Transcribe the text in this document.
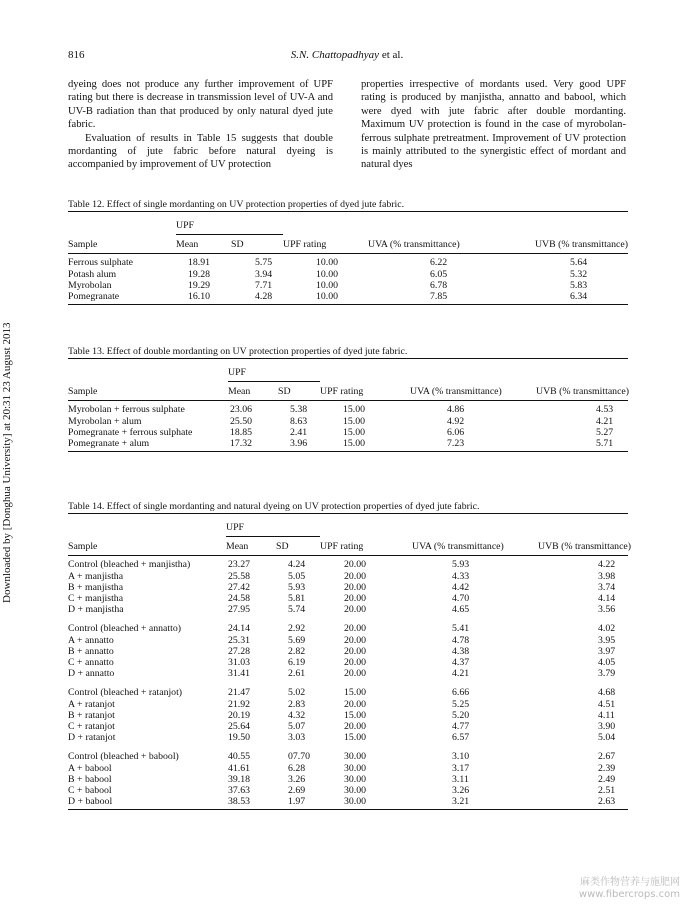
816	S.N. Chattopadhyay et al.
Downloaded by [Donghua University] at 20:31 23 August 2013

dyeing does not produce any further improvement of UPF rating but there is decrease in transmission level of UV-A and UV-B radiation than that produced by only natural dyed jute fabric.

Evaluation of results in Table 15 suggests that double mordanting of jute fabric before natural dyeing is accompanied by improvement of UV protection

properties irrespective of mordants used. Very good UPF rating is produced by manjistha, annatto and babool, which were dyed with jute fabric after double mordanting. Maximum UV protection is found in the case of myrobolan-ferrous sulphate pretreatment. Improvement of UV protection is mainly attributed to the synergistic effect of mordant and natural dyes

Table 12. Effect of single mordanting on UV protection properties of dyed jute fabric.

	UPF				

Sample	Mean	SD	UPF rating	UVA (% transmittance)	UVB (% transmittance)

Ferrous sulphate	18.91	5.75	10.00	6.22	5.64
Potash alum	19.28	3.94	10.00	6.05	5.32
Myrobolan	19.29	7.71	10.00	6.78	5.83
Pomegranate	16.10	4.28	10.00	7.85	6.34

Table 13. Effect of double mordanting on UV protection properties of dyed jute fabric.

	UPF				

Sample	Mean	SD	UPF rating	UVA (% transmittance)	UVB (% transmittance)

Myrobolan + ferrous sulphate	23.06	5.38	15.00	4.86	4.53
Myrobolan + alum	25.50	8.63	15.00	4.92	4.21
Pomegranate + ferrous sulphate	18.85	2.41	15.00	6.06	5.27
Pomegranate + alum	17.32	3.96	15.00	7.23	5.71

Table 14. Effect of single mordanting and natural dyeing on UV protection properties of dyed jute fabric.

	UPF				

Sample	Mean	SD	UPF rating	UVA (% transmittance)	UVB (% transmittance)

Control (bleached + manjistha)	23.27	4.24	20.00	5.93	4.22
A + manjistha	25.58	5.05	20.00	4.33	3.98
B + manjistha	27.42	5.93	20.00	4.42	3.74
C + manjistha	24.58	5.81	20.00	4.70	4.14
D + manjistha	27.95	5.74	20.00	4.65	3.56

Control (bleached + annatto)	24.14	2.92	20.00	5.41	4.02
A + annatto	25.31	5.69	20.00	4.78	3.95
B + annatto	27.28	2.82	20.00	4.38	3.97
C + annatto	31.03	6.19	20.00	4.37	4.05
D + annatto	31.41	2.61	20.00	4.21	3.79

Control (bleached + ratanjot)	21.47	5.02	15.00	6.66	4.68
A + ratanjot	21.92	2.83	20.00	5.25	4.51
B + ratanjot	20.19	4.32	15.00	5.20	4.11
C + ratanjot	25.64	5.07	20.00	4.77	3.90
D + ratanjot	19.50	3.03	15.00	6.57	5.04

Control (bleached + babool)	40.55	07.70	30.00	3.10	2.67
A + babool	41.61	6.28	30.00	3.17	2.39
B + babool	39.18	3.26	30.00	3.11	2.49
C + babool	37.63	2.69	30.00	3.26	2.51
D + babool	38.53	1.97	30.00	3.21	2.63

麻类作物营养与施肥网
www.fibercrops.com
